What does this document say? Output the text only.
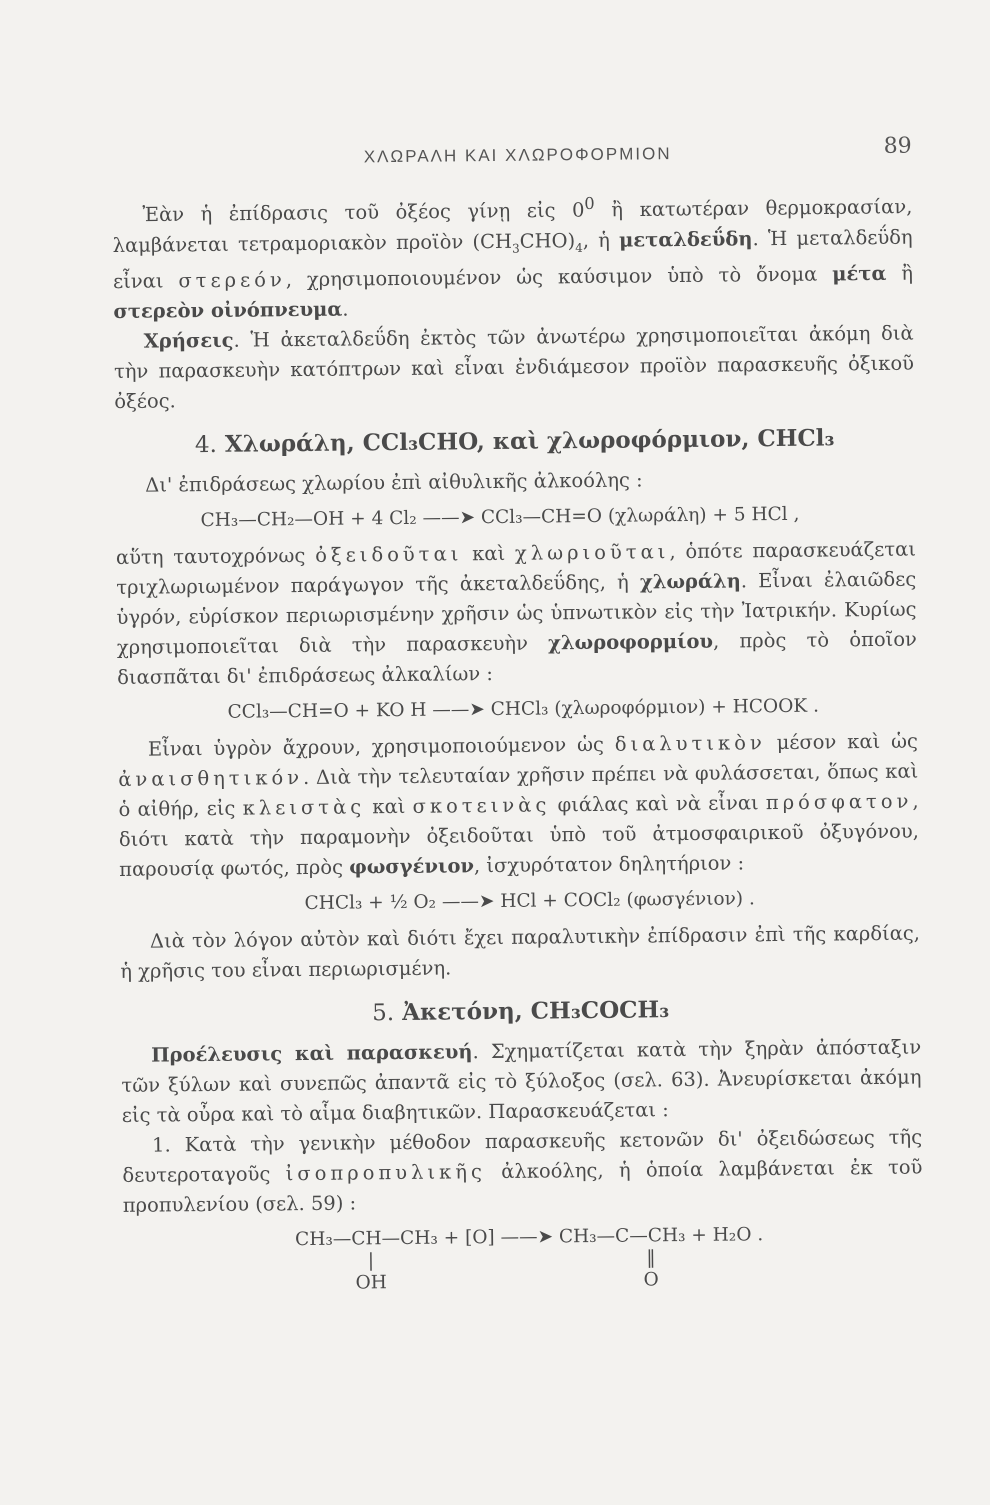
ΧΛΩΡΑΛΗ ΚΑΙ ΧΛΩΡΟΦΟΡΜΙΟΝ	89

Ἐὰν ἡ ἐπίδρασις τοῦ ὀξέος γίνῃ εἰς $0^0$ ἢ κατωτέραν θερμοκρασίαν, λαμβάνεται τετραμοριακὸν προϊὸν $(CH_3CHO)_4$, ἡ μεταλδεΰδη. Ἡ μεταλδεΰδη εἶναι στερεόν, χρησιμοποιουμένον ὡς καύσιμον ὑπὸ τὸ ὄνομα μέτα ἢ στερεὸν οἰνόπνευμα.

Χρήσεις. Ἡ ἀκεταλδεΰδη ἐκτὸς τῶν ἀνωτέρω χρησιμοποιεῖται ἀκόμη διὰ τὴν παρασκευὴν κατόπτρων καὶ εἶναι ἐνδιάμεσον προϊὸν παρασκευῆς ὀξικοῦ ὀξέος.

4. Χλωράλη, CCl₃CHO, καὶ χλωροφόρμιον, CHCl₃

Δι' ἐπιδράσεως χλωρίου ἐπὶ αἰθυλικῆς ἀλκοόλης :

CH₃—CH₂—OH + 4 Cl₂ ——➤ CCl₃—CH=O (χλωράλη) + 5 HCl ,

αὕτη ταυτοχρόνως ὀξειδοῦται καὶ χλωριοῦται, ὁπότε παρασκευάζεται τριχλωριωμένον παράγωγον τῆς ἀκεταλδεΰδης, ἡ χλωράλη. Εἶναι ἐλαιῶδες ὑγρόν, εὑρίσκον περιωρισμένην χρῆσιν ὡς ὑπνωτικὸν εἰς τὴν Ἰατρικήν. Κυρίως χρησιμοποιεῖται διὰ τὴν παρασκευὴν χλωροφορμίου, πρὸς τὸ ὁποῖον διασπᾶται δι' ἐπιδράσεως ἀλκαλίων :

CCl₃—CH=O + KO H ——➤ CHCl₃ (χλωροφόρμιον) + HCOOK .

Εἶναι ὑγρὸν ἄχρουν, χρησιμοποιούμενον ὡς διαλυτικὸν μέσον καὶ ὡς ἀναισθητικόν. Διὰ τὴν τελευταίαν χρῆσιν πρέπει νὰ φυλάσσεται, ὅπως καὶ ὁ αἰθήρ, εἰς κλειστὰς καὶ σκοτεινὰς φιάλας καὶ νὰ εἶναι πρόσφατον, διότι κατὰ τὴν παραμονὴν ὀξειδοῦται ὑπὸ τοῦ ἀτμοσφαιρικοῦ ὀξυγόνου, παρουσίᾳ φωτός, πρὸς φωσγένιον, ἰσχυρότατον δηλητήριον :

CHCl₃ + ½ O₂ ——➤ HCl + COCl₂ (φωσγένιον) .

Διὰ τὸν λόγον αὐτὸν καὶ διότι ἔχει παραλυτικὴν ἐπίδρασιν ἐπὶ τῆς καρδίας, ἡ χρῆσις του εἶναι περιωρισμένη.

5. Ἀκετόνη, CH₃COCH₃

Προέλευσις καὶ παρασκευή. Σχηματίζεται κατὰ τὴν ξηρὰν ἀπόσταξιν τῶν ξύλων καὶ συνεπῶς ἀπαντᾶ εἰς τὸ ξύλοξος (σελ. 63). Ἀνευρίσκεται ἀκόμη εἰς τὰ οὖρα καὶ τὸ αἷμα διαβητικῶν. Παρασκευάζεται :

1. Κατὰ τὴν γενικὴν μέθοδον παρασκευῆς κετονῶν δι' ὀξειδώσεως τῆς δευτεροταγοῦς ἰσοπροπυλικῆς ἀλκοόλης, ἡ ὁποία λαμβάνεται ἐκ τοῦ προπυλενίου (σελ. 59) :

CH₃—CH—CH₃ + [O] ——➤ CH₃—C—CH₃ + H₂O .
|
OH
‖
O
